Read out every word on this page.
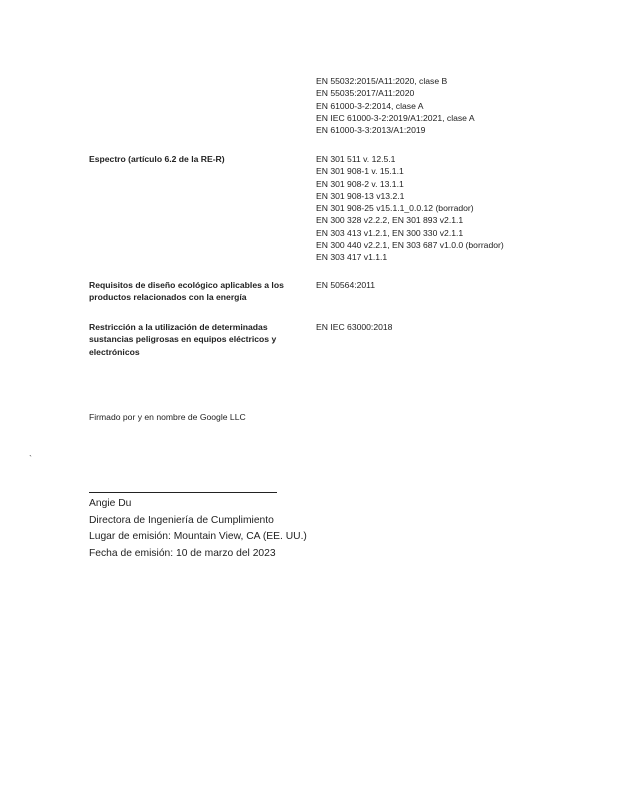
EN 55032:2015/A11:2020, clase B
EN 55035:2017/A11:2020
EN 61000-3-2:2014, clase A
EN IEC 61000-3-2:2019/A1:2021, clase A
EN 61000-3-3:2013/A1:2019

Espectro (artículo 6.2 de la RE-R)	EN 301 511 v. 12.5.1
EN 301 908-1 v. 15.1.1
EN 301 908-2 v. 13.1.1
EN 301 908-13 v13.2.1
EN 301 908-25 v15.1.1_0.0.12 (borrador)
EN 300 328 v2.2.2, EN 301 893 v2.1.1
EN 303 413 v1.2.1, EN 300 330 v2.1.1
EN 300 440 v2.2.1, EN 303 687 v1.0.0 (borrador)
EN 303 417 v1.1.1

Requisitos de diseño ecológico aplicables a los productos relacionados con la energía

EN 50564:2011

Restricción a la utilización de determinadas sustancias peligrosas en equipos eléctricos y electrónicos

EN IEC 63000:2018
Firmado por y en nombre de Google LLC
`
Angie Du
Directora de Ingeniería de Cumplimiento
Lugar de emisión: Mountain View, CA (EE. UU.)
Fecha de emisión: 10 de marzo del 2023
